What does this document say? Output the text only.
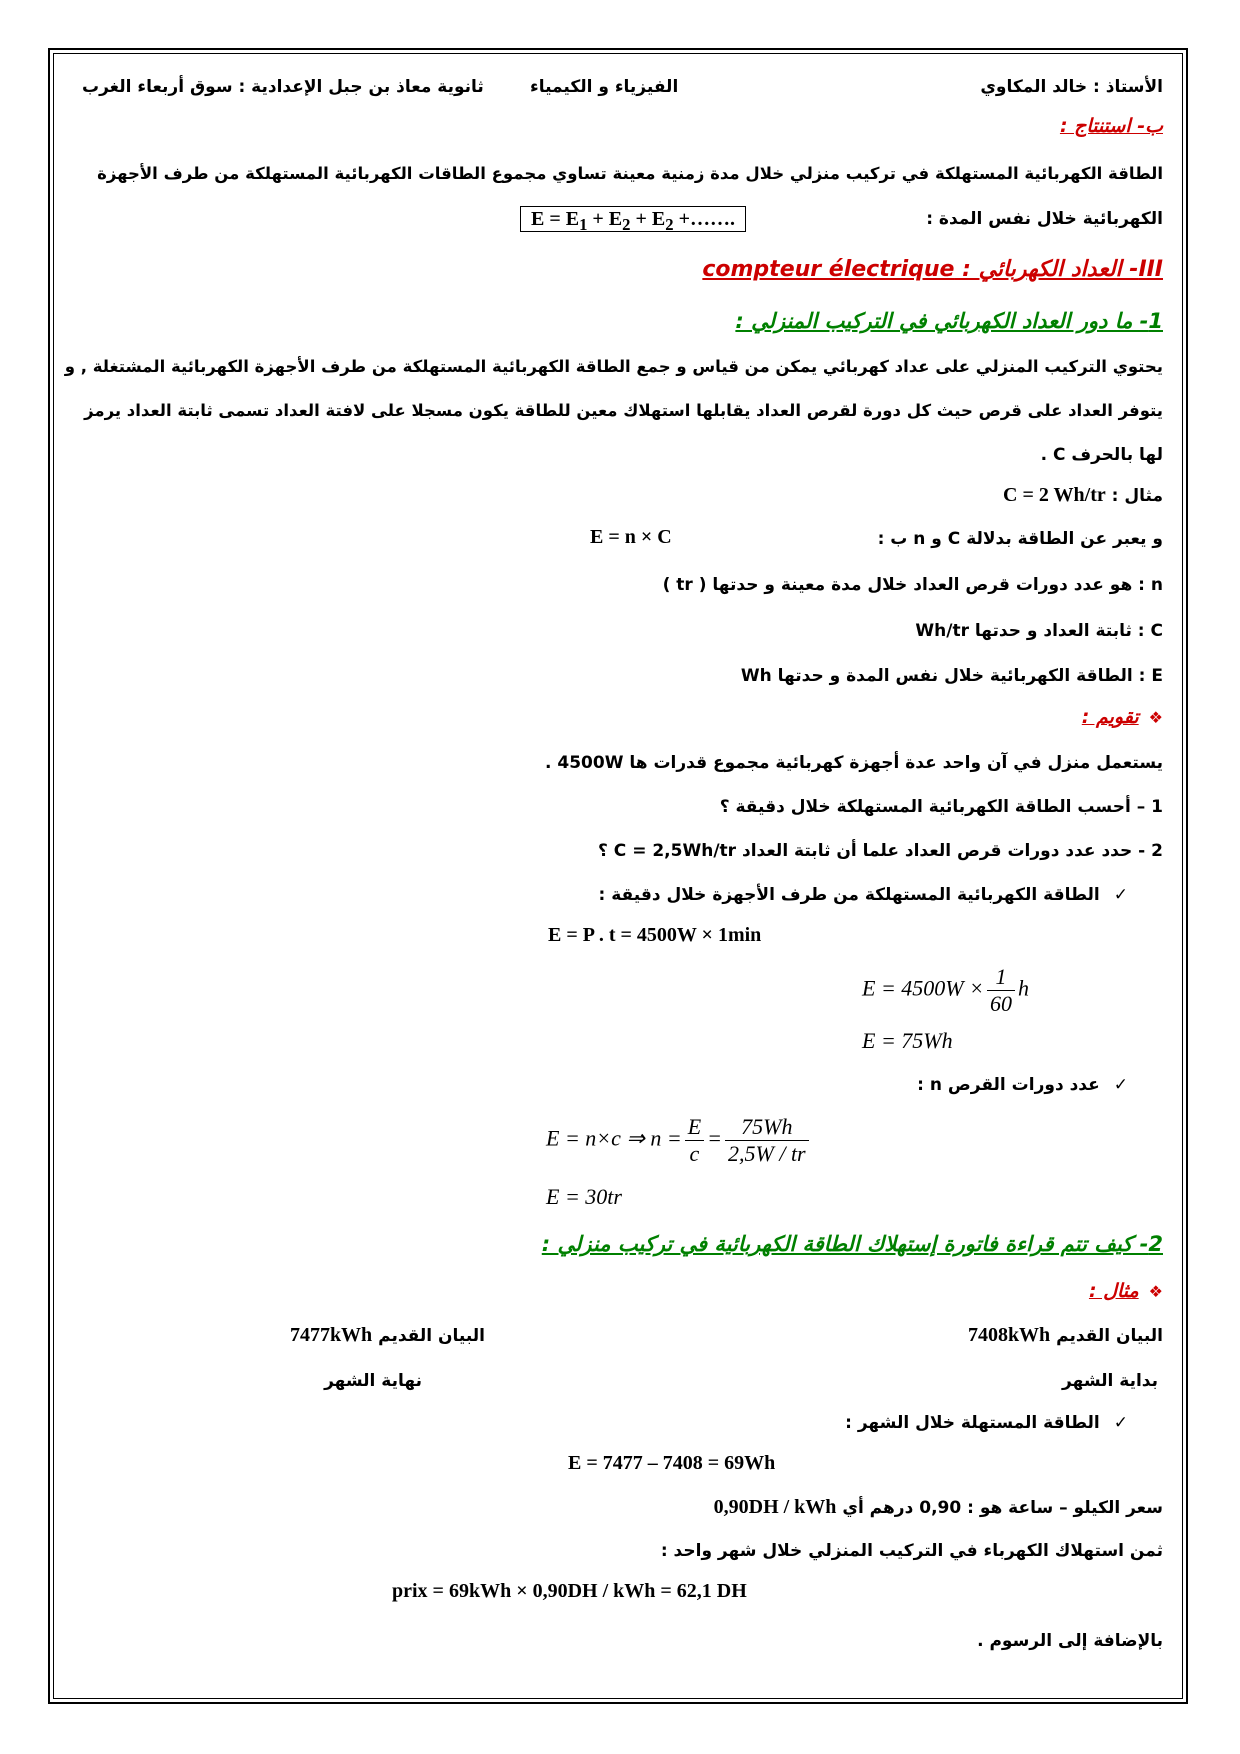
الأستاذ : خالد المكاوي
الفيزياء و الكيمياء
ثانوية معاذ بن جبل الإعدادية : سوق أربعاء الغرب
ب- استنتاج :
الطاقة الكهربائية المستهلكة في تركيب منزلي خلال مدة زمنية معينة تساوي مجموع الطاقات الكهربائية المستهلكة من طرف الأجهزة
الكهربائية خلال نفس المدة :
$E = E_1 + E_2 + E_2$ +…….
III- العداد الكهربائي : compteur électrique
1- ما دور العداد الكهربائي في التركيب المنزلي :
يحتوي التركيب المنزلي على عداد كهربائي يمكن من قياس و جمع الطاقة الكهربائية المستهلكة من طرف الأجهزة الكهربائية المشتغلة , و
يتوفر العداد على قرص حيث كل دورة لقرص العداد يقابلها استهلاك معين للطاقة يكون مسجلا على لافتة العداد تسمى ثابتة العداد يرمز
لها بالحرف C .
مثال : C = 2 Wh/tr
و يعبر عن الطاقة بدلالة C و n ب :
E = n × C
n : هو عدد دورات قرص العداد خلال مدة معينة و حدتها ( tr )
C : ثابتة العداد و حدتها Wh/tr
E : الطاقة الكهربائية خلال نفس المدة و حدتها Wh
❖تقويم :
يستعمل منزل في آن واحد عدة أجهزة كهربائية مجموع قدرات ها 4500W .
1 – أحسب الطاقة الكهربائية المستهلكة خلال دقيقة ؟
2 - حدد عدد دورات قرص العداد علما أن ثابتة العداد C = 2,5Wh/tr ؟
✓الطاقة الكهربائية المستهلكة من طرف الأجهزة خلال دقيقة :
E = P . t = 4500W × 1min
$E = 4500W \times \frac{1}{60}$ h
E = 75Wh
✓عدد دورات القرص n :
E = n×c ⇒ $n = \frac{E}{c} = \frac{75Wh}{2,5W / tr}$
E = 30tr
2- كيف تتم قراءة فاتورة إستهلاك الطاقة الكهربائية في تركيب منزلي :
❖مثال :
البيان القديم 7408kWh
البيان القديم 7477kWh
بداية الشهر
نهاية الشهر
✓الطاقة المستهلة خلال الشهر :
E = 7477 – 7408 = 69Wh
سعر الكيلو – ساعة هو : 0,90 درهم أي 0,90DH / kWh
ثمن استهلاك الكهرباء في التركيب المنزلي خلال شهر واحد :
prix = 69kWh × 0,90DH / kWh = 62,1 DH
بالإضافة إلى الرسوم .
